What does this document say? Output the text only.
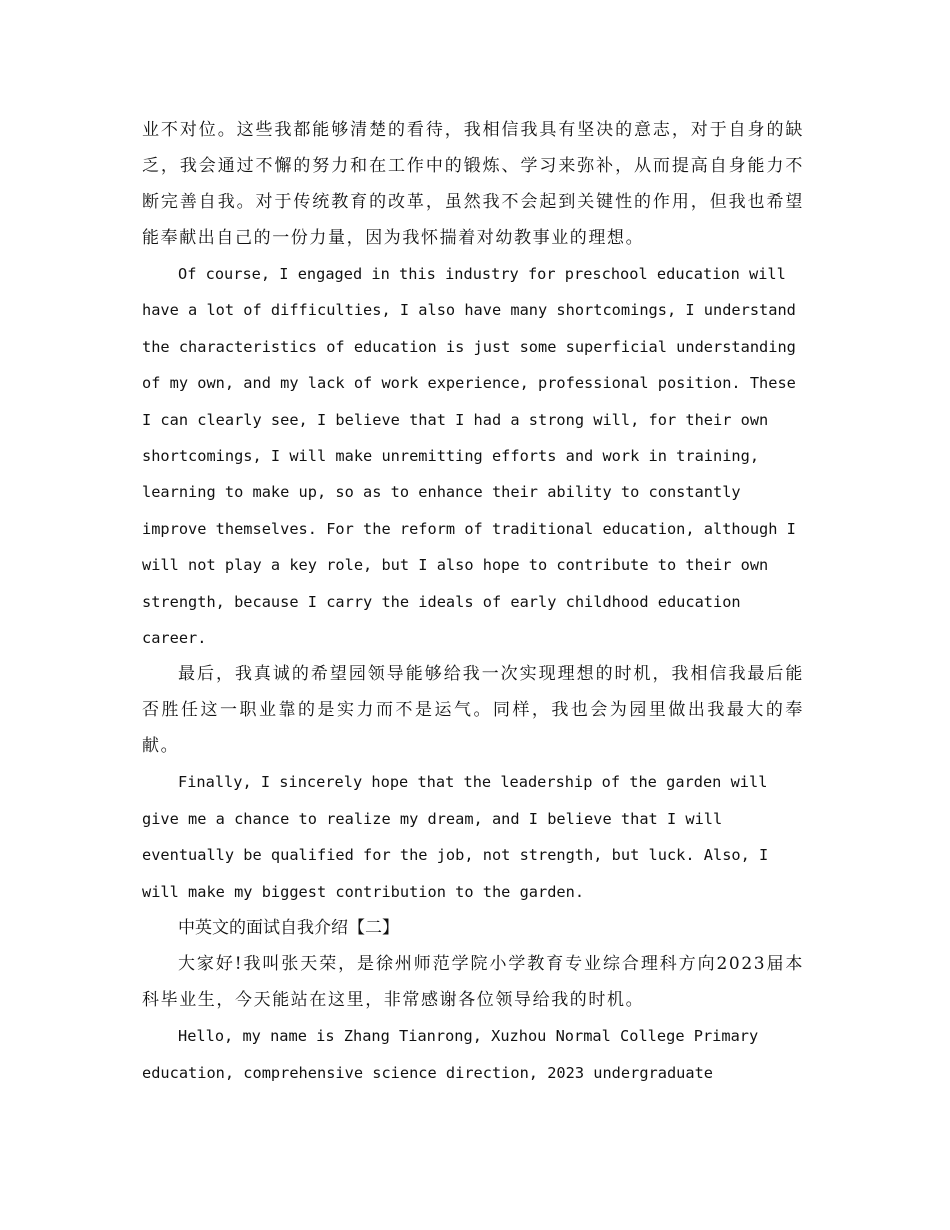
业不对位。这些我都能够清楚的看待，我相信我具有坚决的意志，对于自身的缺乏，我会通过不懈的努力和在工作中的锻炼、学习来弥补，从而提高自身能力不断完善自我。对于传统教育的改革，虽然我不会起到关键性的作用，但我也希望能奉献出自己的一份力量，因为我怀揣着对幼教事业的理想。

Of course, I engaged in this industry for preschool education will have a lot of difficulties, I also have many shortcomings, I understand the characteristics of education is just some superficial understanding of my own, and my lack of work experience, professional position. These I can clearly see, I believe that I had a strong will, for their own shortcomings, I will make unremitting efforts and work in training, learning to make up, so as to enhance their ability to constantly improve themselves. For the reform of traditional education, although I will not play a key role, but I also hope to contribute to their own strength, because I carry the ideals of early childhood education career.

最后，我真诚的希望园领导能够给我一次实现理想的时机，我相信我最后能否胜任这一职业靠的是实力而不是运气。同样，我也会为园里做出我最大的奉献。

Finally, I sincerely hope that the leadership of the garden will give me a chance to realize my dream, and I believe that I will eventually be qualified for the job, not strength, but luck. Also, I will make my biggest contribution to the garden.

中英文的面试自我介绍【二】

大家好!我叫张天荣，是徐州师范学院小学教育专业综合理科方向2023届本科毕业生，今天能站在这里，非常感谢各位领导给我的时机。

Hello, my name is Zhang Tianrong, Xuzhou Normal College Primary education, comprehensive science direction, 2023 undergraduate
